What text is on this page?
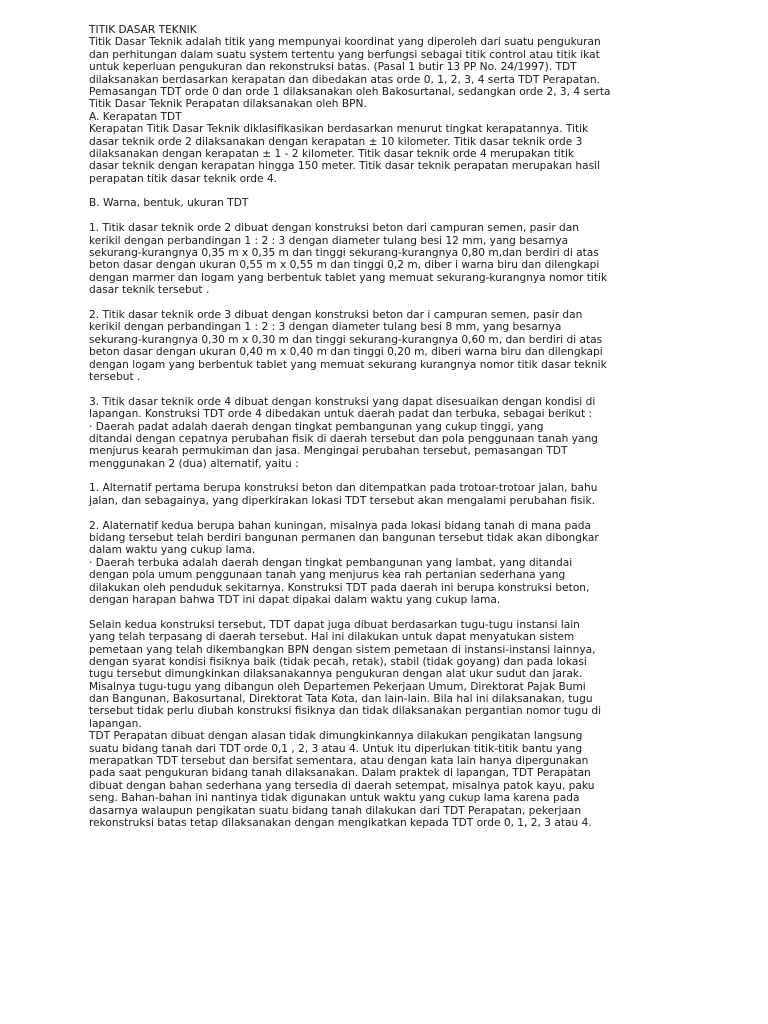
TITIK DASAR TEKNIK
Titik Dasar Teknik adalah titik yang mempunyai koordinat yang diperoleh dari suatu pengukuran
dan perhitungan dalam suatu system tertentu yang berfungsi sebagai titik control atau titik ikat
untuk keperluan pengukuran dan rekonstruksi batas. (Pasal 1 butir 13 PP No. 24/1997). TDT
dilaksanakan berdasarkan kerapatan dan dibedakan atas orde 0, 1, 2, 3, 4 serta TDT Perapatan.
Pemasangan TDT orde 0 dan orde 1 dilaksanakan oleh Bakosurtanal, sedangkan orde 2, 3, 4 serta
Titik Dasar Teknik Perapatan dilaksanakan oleh BPN.
A. Kerapatan TDT
Kerapatan Titik Dasar Teknik diklasifikasikan berdasarkan menurut tingkat kerapatannya. Titik
dasar teknik orde 2 dilaksanakan dengan kerapatan ± 10 kilometer. Titik dasar teknik orde 3
dilaksanakan dengan kerapatan ± 1 - 2 kilometer. Titik dasar teknik orde 4 merupakan titik
dasar teknik dengan kerapatan hingga 150 meter. Titik dasar teknik perapatan merupakan hasil
perapatan titik dasar teknik orde 4.
B. Warna, bentuk, ukuran TDT
1. Titik dasar teknik orde 2 dibuat dengan konstruksi beton dari campuran semen, pasir dan
kerikil dengan perbandingan 1 : 2 : 3 dengan diameter tulang besi 12 mm, yang besarnya
sekurang-kurangnya 0,35 m x 0,35 m dan tinggi sekurang-kurangnya 0,80 m,dan berdiri di atas
beton dasar dengan ukuran 0,55 m x 0,55 m dan tinggi 0,2 m, diber i warna biru dan dilengkapi
dengan marmer dan logam yang berbentuk tablet yang memuat sekurang-kurangnya nomor titik
dasar teknik tersebut .
2. Titik dasar teknik orde 3 dibuat dengan konstruksi beton dar i campuran semen, pasir dan
kerikil dengan perbandingan 1 : 2 : 3 dengan diameter tulang besi 8 mm, yang besarnya
sekurang-kurangnya 0,30 m x 0,30 m dan tinggi sekurang-kurangnya 0,60 m, dan berdiri di atas
beton dasar dengan ukuran 0,40 m x 0,40 m dan tinggi 0,20 m, diberi warna biru dan dilengkapi
dengan logam yang berbentuk tablet yang memuat sekurang kurangnya nomor titik dasar teknik
tersebut .
3. Titik dasar teknik orde 4 dibuat dengan konstruksi yang dapat disesuaikan dengan kondisi di
lapangan. Konstruksi TDT orde 4 dibedakan untuk daerah padat dan terbuka, sebagai berikut :
· Daerah padat adalah daerah dengan tingkat pembangunan yang cukup tinggi, yang
ditandai dengan cepatnya perubahan fisik di daerah tersebut dan pola penggunaan tanah yang
menjurus kearah permukiman dan jasa. Mengingai perubahan tersebut, pemasangan TDT
menggunakan 2 (dua) alternatif, yaitu :
1. Alternatif pertama berupa konstruksi beton dan ditempatkan pada trotoar-trotoar jalan, bahu
jalan, dan sebagainya, yang diperkirakan lokasi TDT tersebut akan mengalami perubahan fisik.
2. Alaternatif kedua berupa bahan kuningan, misalnya pada lokasi bidang tanah di mana pada
bidang tersebut telah berdiri bangunan permanen dan bangunan tersebut tidak akan dibongkar
dalam waktu yang cukup lama.
· Daerah terbuka adalah daerah dengan tingkat pembangunan yang lambat, yang ditandai
dengan pola umum penggunaan tanah yang menjurus kea rah pertanian sederhana yang
dilakukan oleh penduduk sekitarnya. Konstruksi TDT pada daerah ini berupa konstruksi beton,
dengan harapan bahwa TDT ini dapat dipakai dalam waktu yang cukup lama.
Selain kedua konstruksi tersebut, TDT dapat juga dibuat berdasarkan tugu-tugu instansi lain
yang telah terpasang di daerah tersebut. Hal ini dilakukan untuk dapat menyatukan sistem
pemetaan yang telah dikembangkan BPN dengan sistem pemetaan di instansi-instansi lainnya,
dengan syarat kondisi fisiknya baik (tidak pecah, retak), stabil (tidak goyang) dan pada lokasi
tugu tersebut dimungkinkan dilaksanakannya pengukuran dengan alat ukur sudut dan jarak.
Misalnya tugu-tugu yang dibangun oleh Departemen Pekerjaan Umum, Direktorat Pajak Bumi
dan Bangunan, Bakosurtanal, Direktorat Tata Kota, dan lain-lain. Bila hal ini dilaksanakan, tugu
tersebut tidak perlu diubah konstruksi fisiknya dan tidak dilaksanakan pergantian nomor tugu di
lapangan.
TDT Perapatan dibuat dengan alasan tidak dimungkinkannya dilakukan pengikatan langsung
suatu bidang tanah dari TDT orde 0,1 , 2, 3 atau 4. Untuk itu diperlukan titik-titik bantu yang
merapatkan TDT tersebut dan bersifat sementara, atau dengan kata lain hanya dipergunakan
pada saat pengukuran bidang tanah dilaksanakan. Dalam praktek di lapangan, TDT Perapatan
dibuat dengan bahan sederhana yang tersedia di daerah setempat, misalnya patok kayu, paku
seng. Bahan-bahan ini nantinya tidak digunakan untuk waktu yang cukup lama karena pada
dasarnya walaupun pengikatan suatu bidang tanah dilakukan dari TDT Perapatan, pekerjaan
rekonstruksi batas tetap dilaksanakan dengan mengikatkan kepada TDT orde 0, 1, 2, 3 atau 4.
